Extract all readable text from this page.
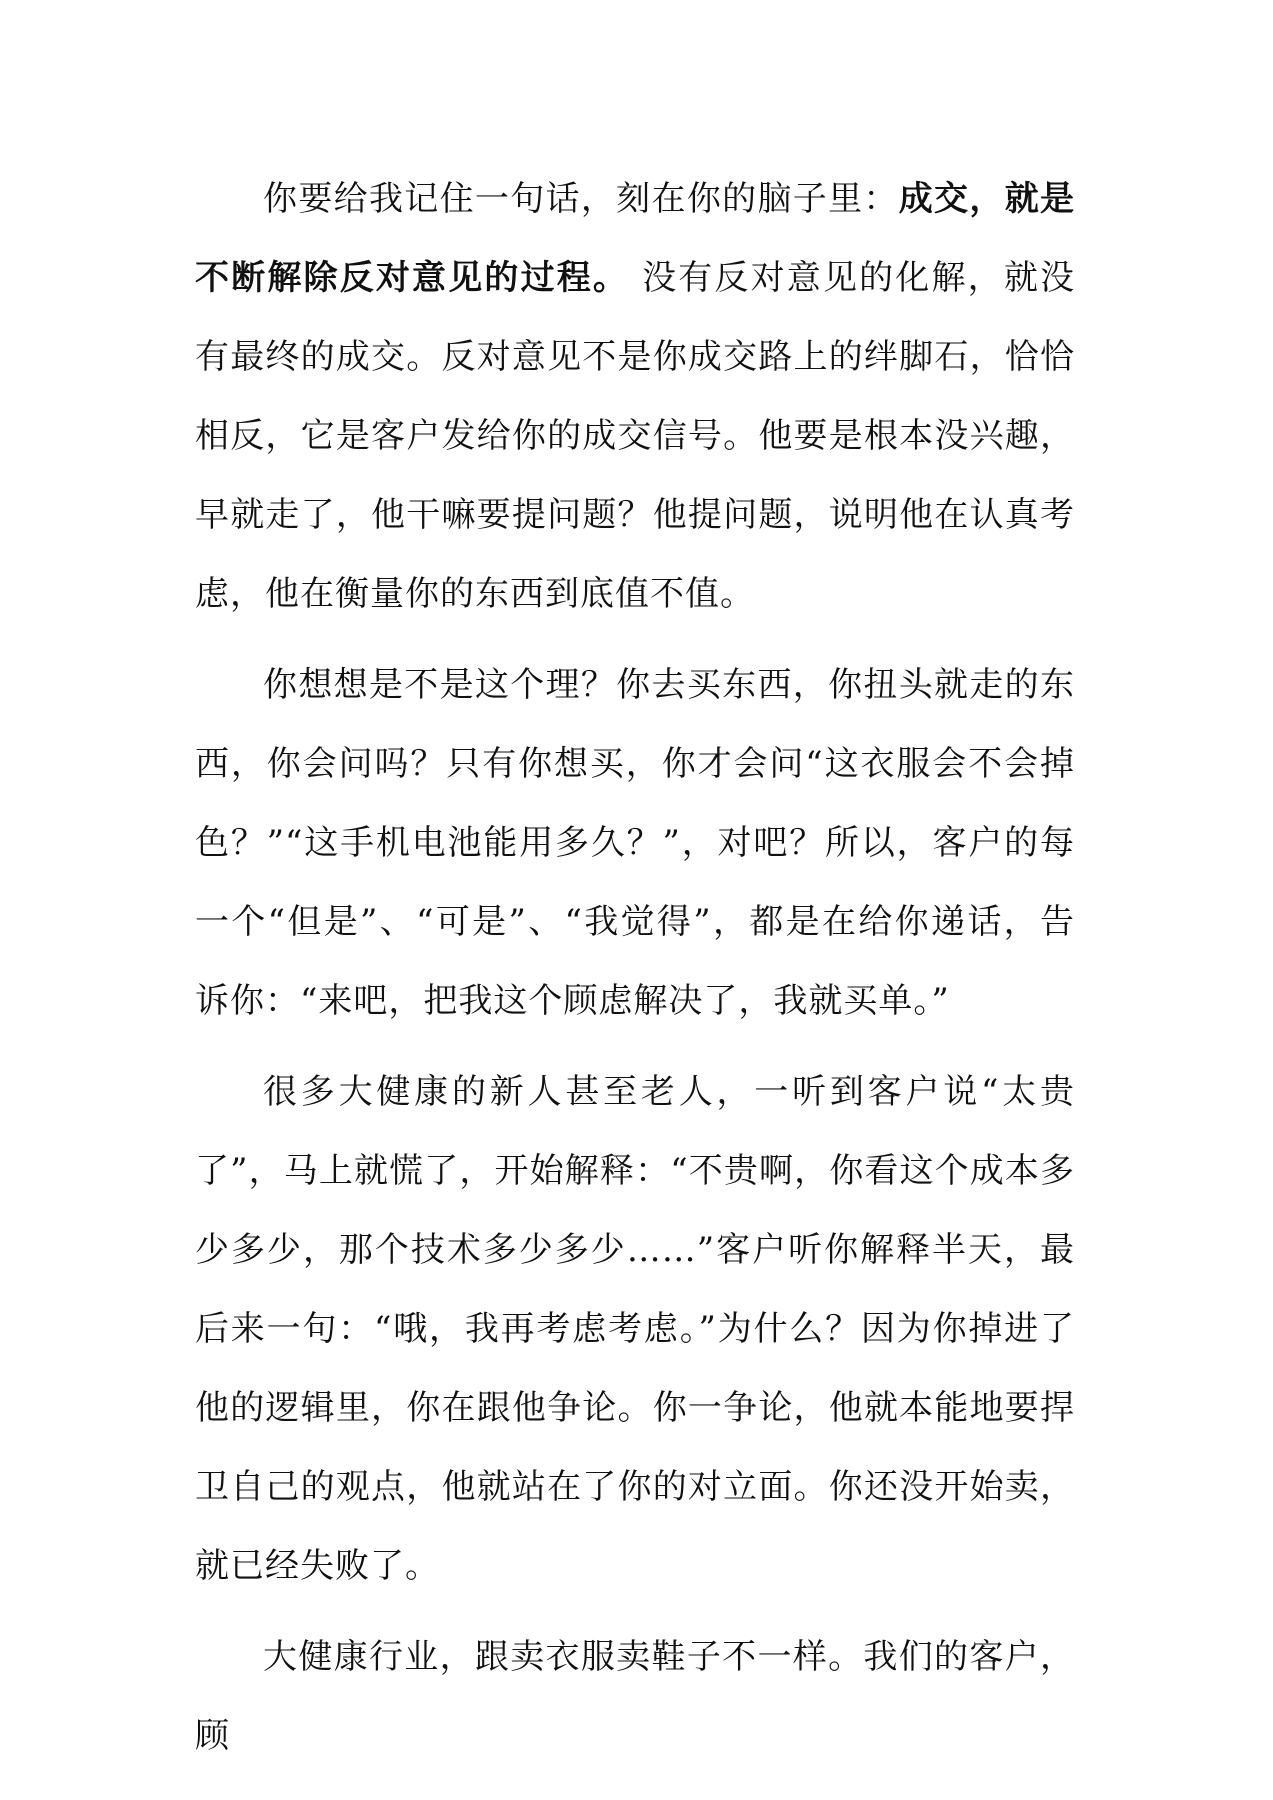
你要给我记住一句话，刻在你的脑子里：成交，就是不断解除反对意见的过程。 没有反对意见的化解，就没有最终的成交。反对意见不是你成交路上的绊脚石，恰恰相反，它是客户发给你的成交信号。他要是根本没兴趣，早就走了，他干嘛要提问题？他提问题，说明他在认真考虑，他在衡量你的东西到底值不值。

你想想是不是这个理？你去买东西，你扭头就走的东西，你会问吗？只有你想买，你才会问“这衣服会不会掉色？”“这手机电池能用多久？”，对吧？所以，客户的每一个“但是”、“可是”、“我觉得”，都是在给你递话，告诉你：“来吧，把我这个顾虑解决了，我就买单。”

很多大健康的新人甚至老人，一听到客户说“太贵了”，马上就慌了，开始解释：“不贵啊，你看这个成本多少多少，那个技术多少多少……”客户听你解释半天，最后来一句：“哦，我再考虑考虑。”为什么？因为你掉进了他的逻辑里，你在跟他争论。你一争论，他就本能地要捍卫自己的观点，他就站在了你的对立面。你还没开始卖，就已经失败了。

大健康行业，跟卖衣服卖鞋子不一样。我们的客户，顾
